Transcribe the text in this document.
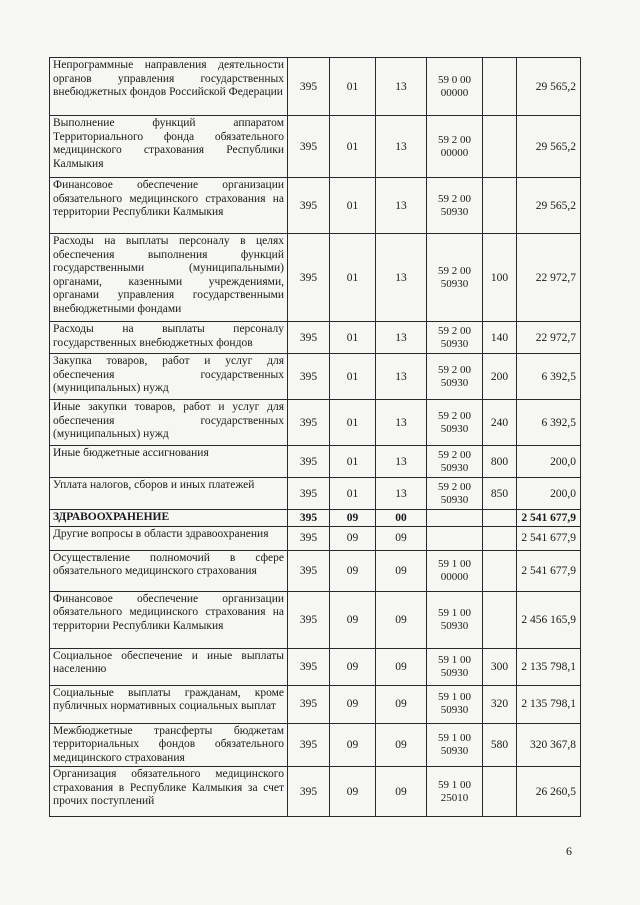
Непрограммные направления деятельности органов управления государственных внебюджетных фондов Российской Федерации	395	01	13	59 0 00 00000		29 565,2
Выполнение функций аппаратом Территориального фонда обязательного медицинского страхования Республики Калмыкия	395	01	13	59 2 00 00000		29 565,2
Финансовое обеспечение организации обязательного медицинского страхования на территории Республики Калмыкия	395	01	13	59 2 00 50930		29 565,2
Расходы на выплаты персоналу в целях обеспечения выполнения функций государственными (муниципальными) органами, казенными учреждениями, органами управления государственными внебюджетными фондами	395	01	13	59 2 00 50930	100	22 972,7
Расходы на выплаты персоналу государственных внебюджетных фондов	395	01	13	59 2 00 50930	140	22 972,7
Закупка товаров, работ и услуг для обеспечения государственных (муниципальных) нужд	395	01	13	59 2 00 50930	200	6 392,5
Иные закупки товаров, работ и услуг для обеспечения государственных (муниципальных) нужд	395	01	13	59 2 00 50930	240	6 392,5
Иные бюджетные ассигнования	395	01	13	59 2 00 50930	800	200,0
Уплата налогов, сборов и иных платежей	395	01	13	59 2 00 50930	850	200,0
ЗДРАВООХРАНЕНИЕ	395	09	00			2 541 677,9
Другие вопросы в области здравоохранения	395	09	09			2 541 677,9
Осуществление полномочий в сфере обязательного медицинского страхования	395	09	09	59 1 00 00000		2 541 677,9
Финансовое обеспечение организации обязательного медицинского страхования на территории Республики Калмыкия	395	09	09	59 1 00 50930		2 456 165,9
Социальное обеспечение и иные выплаты населению	395	09	09	59 1 00 50930	300	2 135 798,1
Социальные выплаты гражданам, кроме публичных нормативных социальных выплат	395	09	09	59 1 00 50930	320	2 135 798,1
Межбюджетные трансферты бюджетам территориальных фондов обязательного медицинского страхования	395	09	09	59 1 00 50930	580	320 367,8
Организация обязательного медицинского страхования в Республике Калмыкия за счет прочих поступлений	395	09	09	59 1 00 25010		26 260,5
6
